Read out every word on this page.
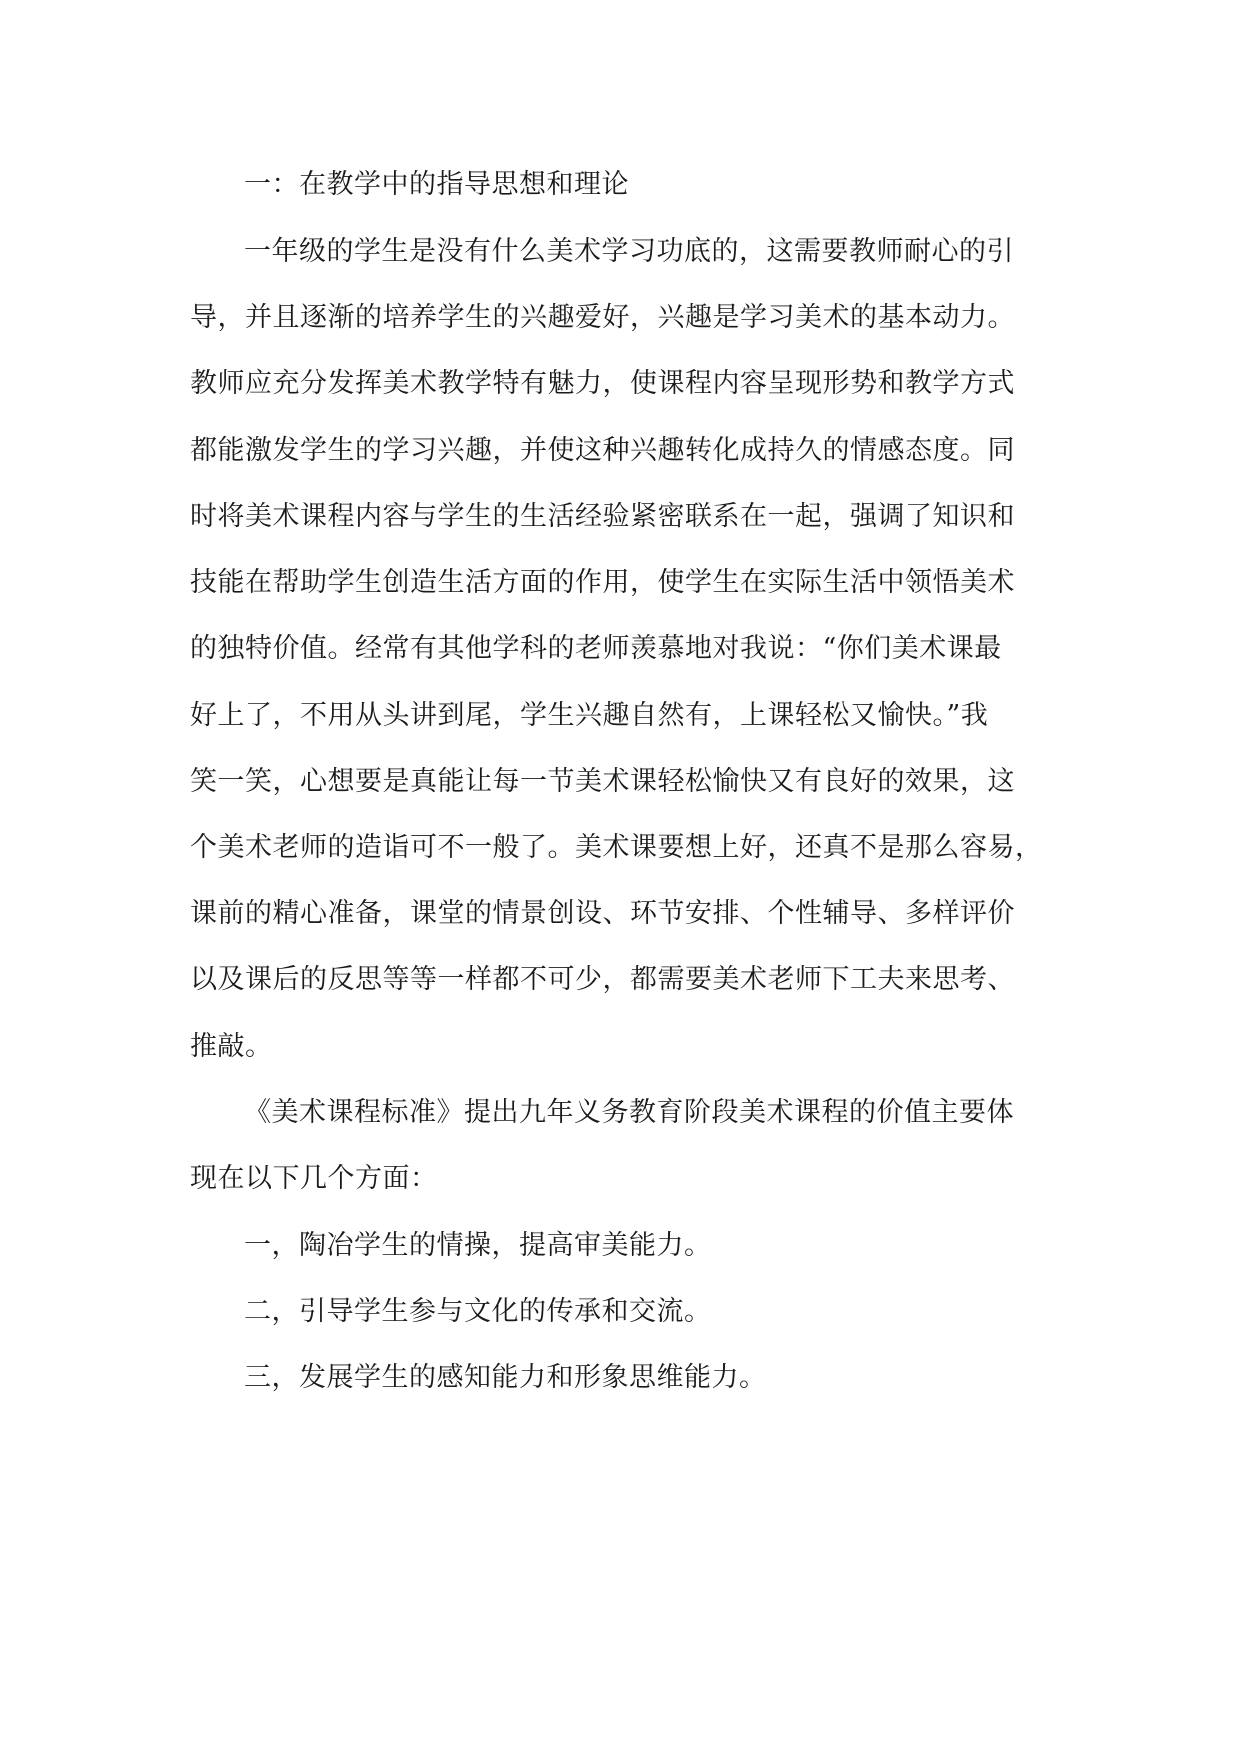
一：在教学中的指导思想和理论
一年级的学生是没有什么美术学习功底的，这需要教师耐心的引
导，并且逐渐的培养学生的兴趣爱好，兴趣是学习美术的基本动力。
教师应充分发挥美术教学特有魅力，使课程内容呈现形势和教学方式
都能激发学生的学习兴趣，并使这种兴趣转化成持久的情感态度。同
时将美术课程内容与学生的生活经验紧密联系在一起，强调了知识和
技能在帮助学生创造生活方面的作用，使学生在实际生活中领悟美术
的独特价值。经常有其他学科的老师羡慕地对我说：“你们美术课最
好上了，不用从头讲到尾，学生兴趣自然有，上课轻松又愉快。”我
笑一笑，心想要是真能让每一节美术课轻松愉快又有良好的效果，这
个美术老师的造诣可不一般了。美术课要想上好，还真不是那么容易，
课前的精心准备，课堂的情景创设、环节安排、个性辅导、多样评价
以及课后的反思等等一样都不可少，都需要美术老师下工夫来思考、
推敲。
《美术课程标准》提出九年义务教育阶段美术课程的价值主要体
现在以下几个方面：
一，陶冶学生的情操，提高审美能力。
二，引导学生参与文化的传承和交流。
三，发展学生的感知能力和形象思维能力。
